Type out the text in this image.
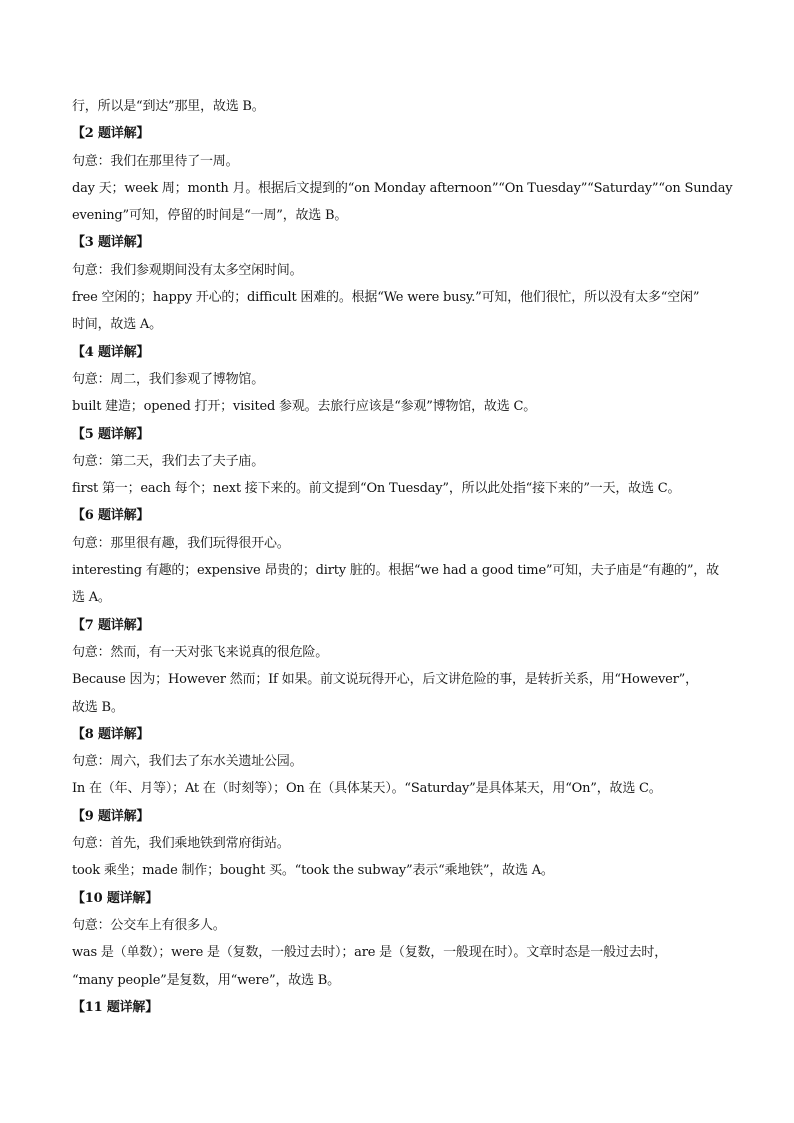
行，所以是“到达”那里，故选 B。
【2 题详解】
句意：我们在那里待了一周。
day 天；week 周；month 月。根据后文提到的“on Monday afternoon”“On Tuesday”“Saturday”“on Sunday
evening”可知，停留的时间是“一周”，故选 B。
【3 题详解】
句意：我们参观期间没有太多空闲时间。
free 空闲的；happy 开心的；difficult 困难的。根据“We were busy.”可知，他们很忙，所以没有太多“空闲”
时间，故选 A。
【4 题详解】
句意：周二，我们参观了博物馆。
built 建造；opened 打开；visited 参观。去旅行应该是“参观”博物馆，故选 C。
【5 题详解】
句意：第二天，我们去了夫子庙。
first 第一；each 每个；next 接下来的。前文提到“On Tuesday”，所以此处指“接下来的”一天，故选 C。
【6 题详解】
句意：那里很有趣，我们玩得很开心。
interesting 有趣的；expensive 昂贵的；dirty 脏的。根据“we had a good time”可知，夫子庙是“有趣的”，故
选 A。
【7 题详解】
句意：然而，有一天对张飞来说真的很危险。
Because 因为；However 然而；If 如果。前文说玩得开心，后文讲危险的事，是转折关系，用“However”，
故选 B。
【8 题详解】
句意：周六，我们去了东水关遗址公园。
In 在（年、月等）；At 在（时刻等）；On 在（具体某天）。“Saturday”是具体某天，用“On”，故选 C。
【9 题详解】
句意：首先，我们乘地铁到常府街站。
took 乘坐；made 制作；bought 买。“took the subway”表示“乘地铁”，故选 A。
【10 题详解】
句意：公交车上有很多人。
was 是（单数）；were 是（复数，一般过去时）；are 是（复数，一般现在时）。文章时态是一般过去时，
“many people”是复数，用“were”，故选 B。
【11 题详解】
